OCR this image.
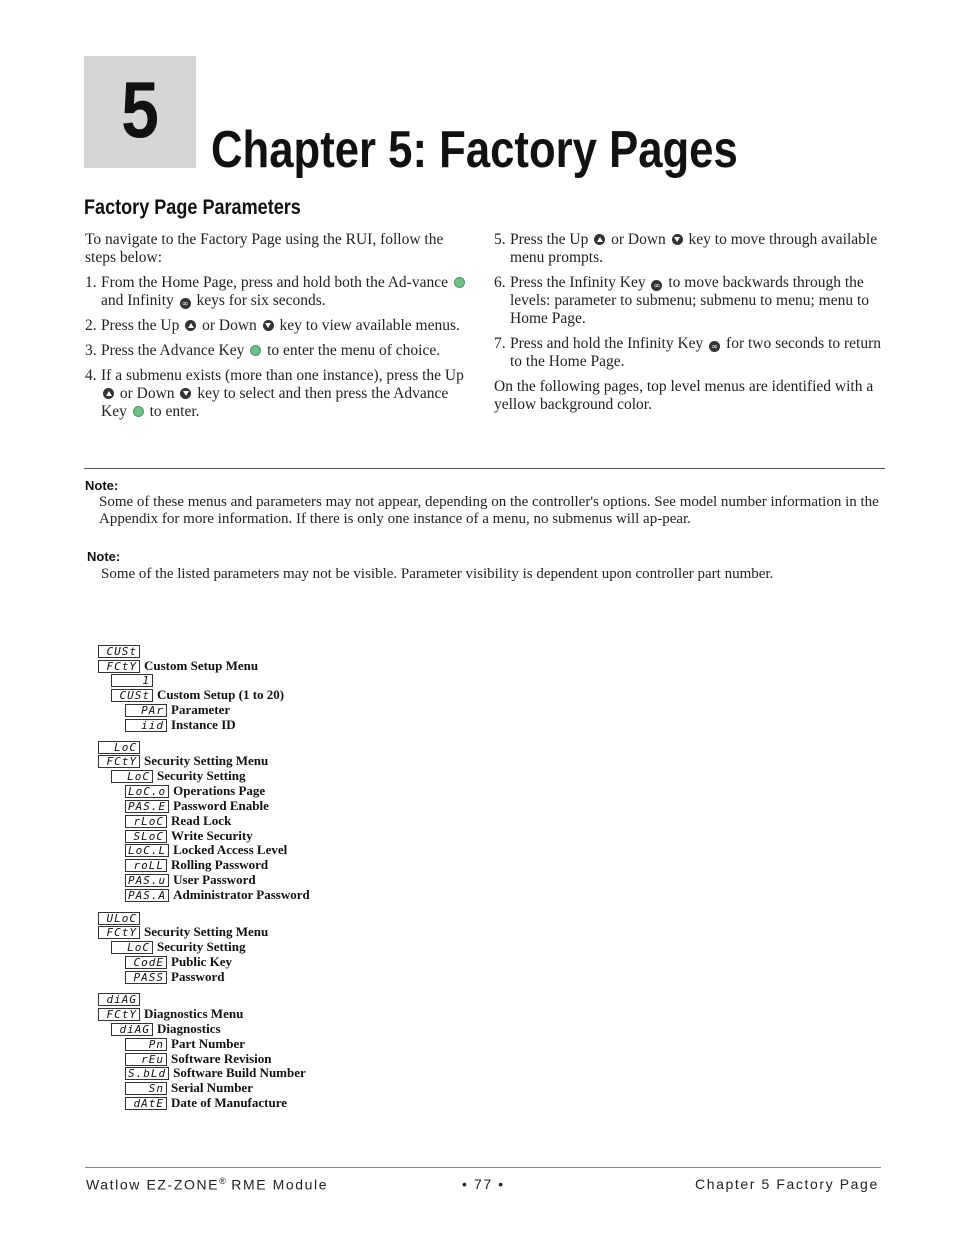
5	Chapter 5: Factory Pages
Factory Page Parameters

To navigate to the Factory Page using the RUI, follow the steps below:

1. From the Home Page, press and hold both the Ad-vance  and Infinity ∞ keys for six seconds.
2. Press the Up or Down key to view available menus.
3. Press the Advance Key to enter the menu of choice.
4. If a submenu exists (more than one instance), press the Up  or Down key to select and then press the Advance Key to enter.
5. Press the Up or Down key to move through available menu prompts.
6. Press the Infinity Key ∞ to move backwards through the levels: parameter to submenu; submenu to menu; menu to Home Page.
7. Press and hold the Infinity Key ∞ for two seconds to return to the Home Page.

On the following pages, top level menus are identified with a yellow background color.

Note:
Some of these menus and parameters may not appear, depending on the controller's options. See model number information in the Appendix for more information. If there is only one instance of a menu, no submenus will ap-pear.
Note:
Some of the listed parameters may not be visible. Parameter visibility is dependent upon controller part number.
CUSt
FCtY Custom Setup Menu
1
CUSt Custom Setup (1 to 20)
PAr Parameter
iid Instance ID
LoC
FCtY Security Setting Menu
LoC Security Setting
LoC.o Operations Page
PAS.E Password Enable
rLoC Read Lock
SLoC Write Security
LoC.L Locked Access Level
roLL Rolling Password
PAS.u User Password
PAS.A Administrator Password
ULoC
FCtY Security Setting Menu
LoC Security Setting
CodE Public Key
PASS Password
diAG
FCtY Diagnostics Menu
diAG Diagnostics
Pn Part Number
rEu Software Revision
S.bLd Software Build Number
Sn Serial Number
dAtE Date of Manufacture
Watlow EZ-ZONE® RME Module	• 77 •	Chapter 5 Factory Page
